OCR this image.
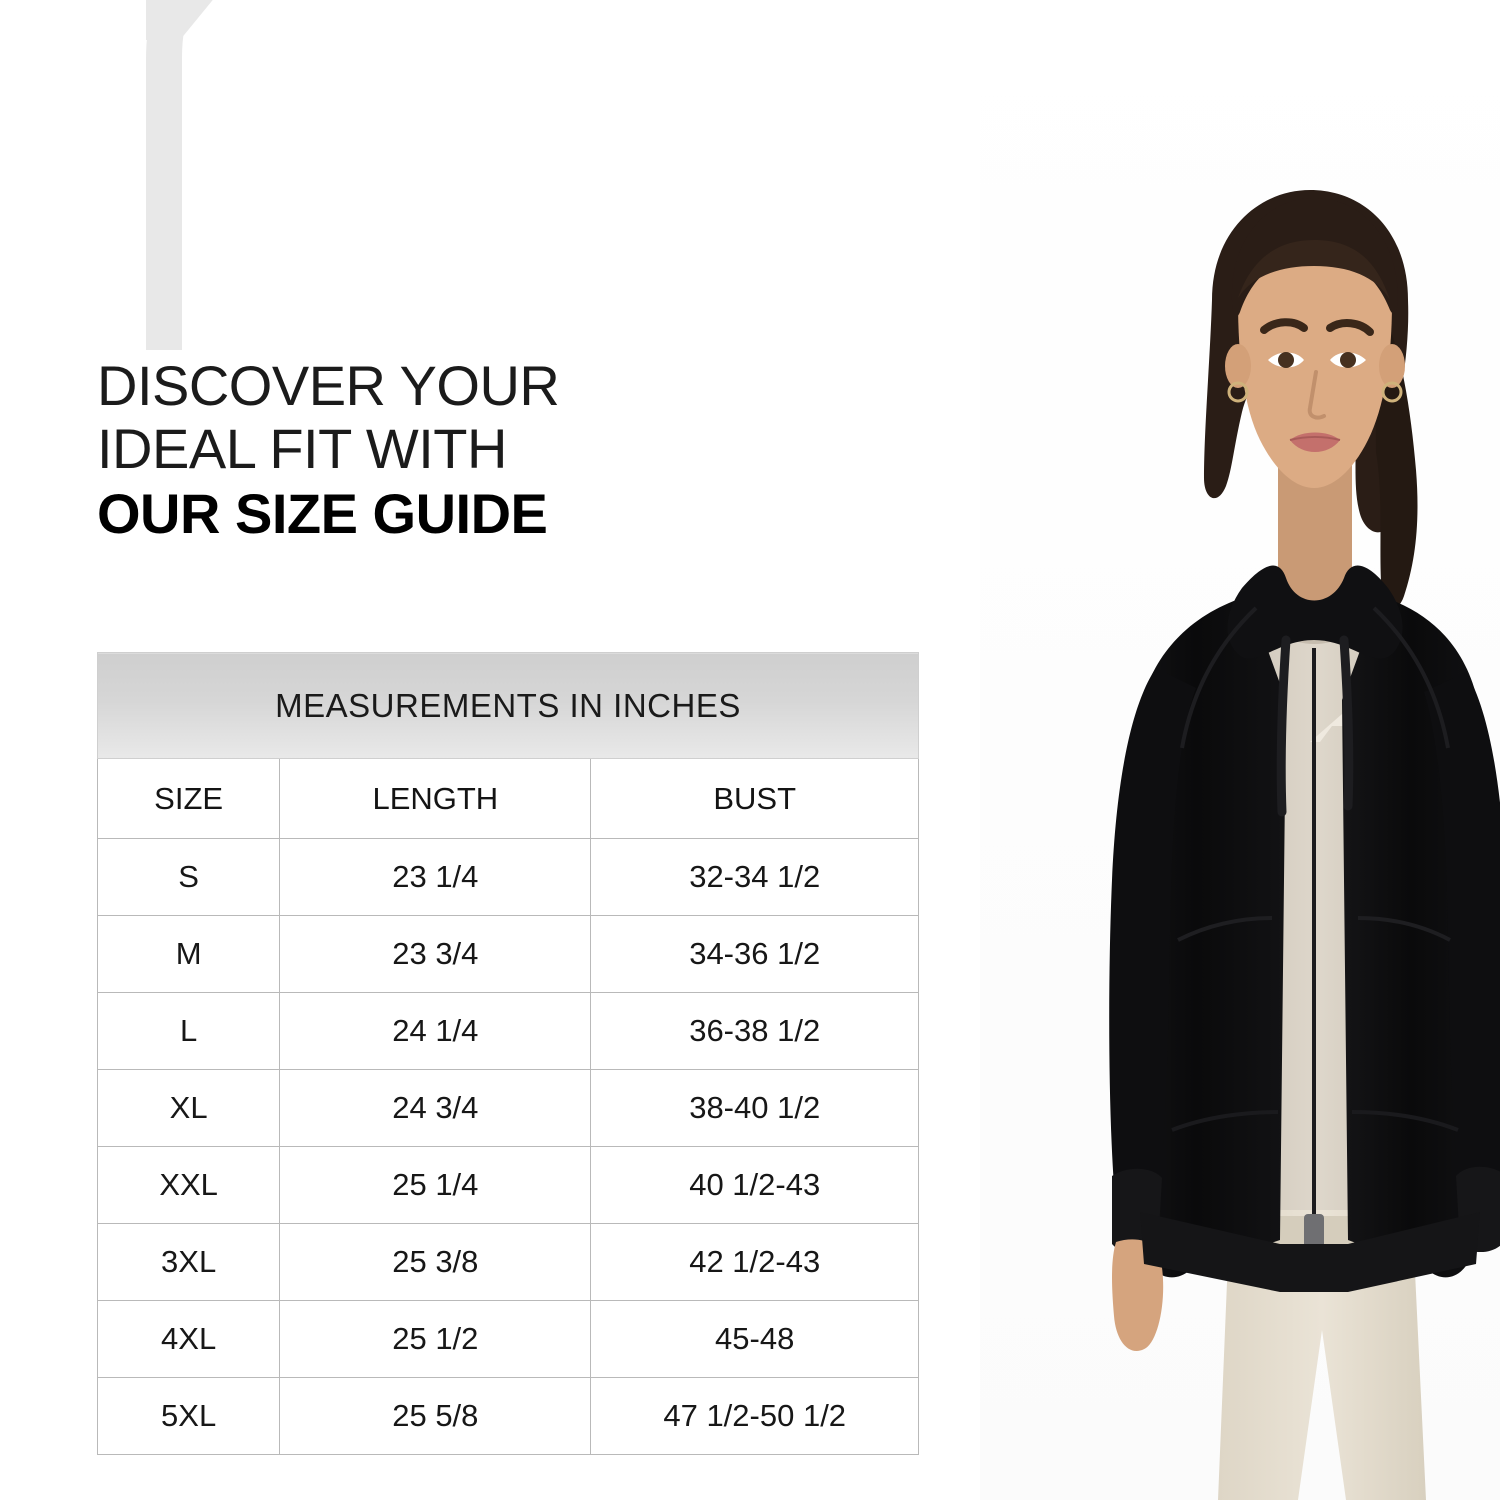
DISCOVER YOUR
IDEAL FIT WITH
OUR SIZE GUIDE
MEASUREMENTS IN INCHES		
SIZE	LENGTH	BUST
S	23 1/4	32-34 1/2
M	23 3/4	34-36 1/2
L	24 1/4	36-38 1/2
XL	24 3/4	38-40 1/2
XXL	25 1/4	40 1/2-43
3XL	25 3/8	42 1/2-43
4XL	25 1/2	45-48
5XL	25 5/8	47 1/2-50 1/2
